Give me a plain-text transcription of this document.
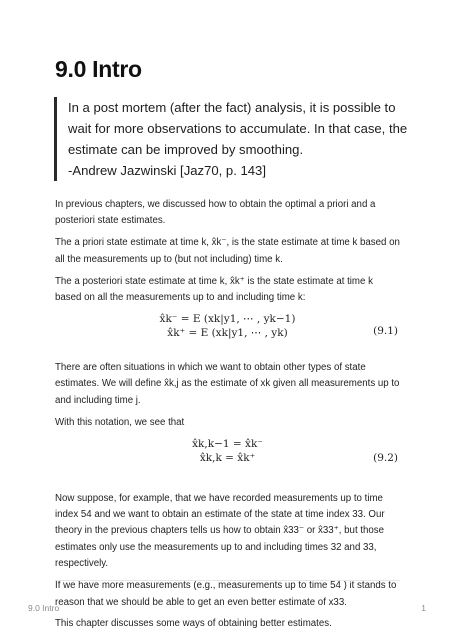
9.0 Intro

In a post mortem (after the fact) analysis, it is possible to

wait for more observations to accumulate. In that case, the

estimate can be improved by smoothing.

-Andrew Jazwinski [Jaz70, p. 143]

In previous chapters, we discussed how to obtain the optimal a priori and a posteriori state estimates.

The a priori state estimate at time k, x̂k⁻, is the state estimate at time k based on all the measurements up to (but not including) time k.

The a posteriori state estimate at time k, x̂k⁺ is the state estimate at time k based on all the measurements up to and including time k:

x̂k⁻ = E (xk|y1, ⋯ , yk−1)
x̂k⁺ = E (xk|y1, ⋯ , yk)	(9.1)

There are often situations in which we want to obtain other types of state estimates. We will define x̂k,j as the estimate of xk given all measurements up to and including time j.

With this notation, we see that

x̂k,k−1 = x̂k⁻
x̂k,k = x̂k⁺	(9.2)

Now suppose, for example, that we have recorded measurements up to time index 54 and we want to obtain an estimate of the state at time index 33. Our theory in the previous chapters tells us how to obtain x̂33⁻ or x̂33⁺, but those estimates only use the measurements up to and including times 32 and 33, respectively.

If we have more measurements (e.g., measurements up to time 54 ) it stands to reason that we should be able to get an even better estimate of x33.

This chapter discusses some ways of obtaining better estimates.

9.0 Intro	1
